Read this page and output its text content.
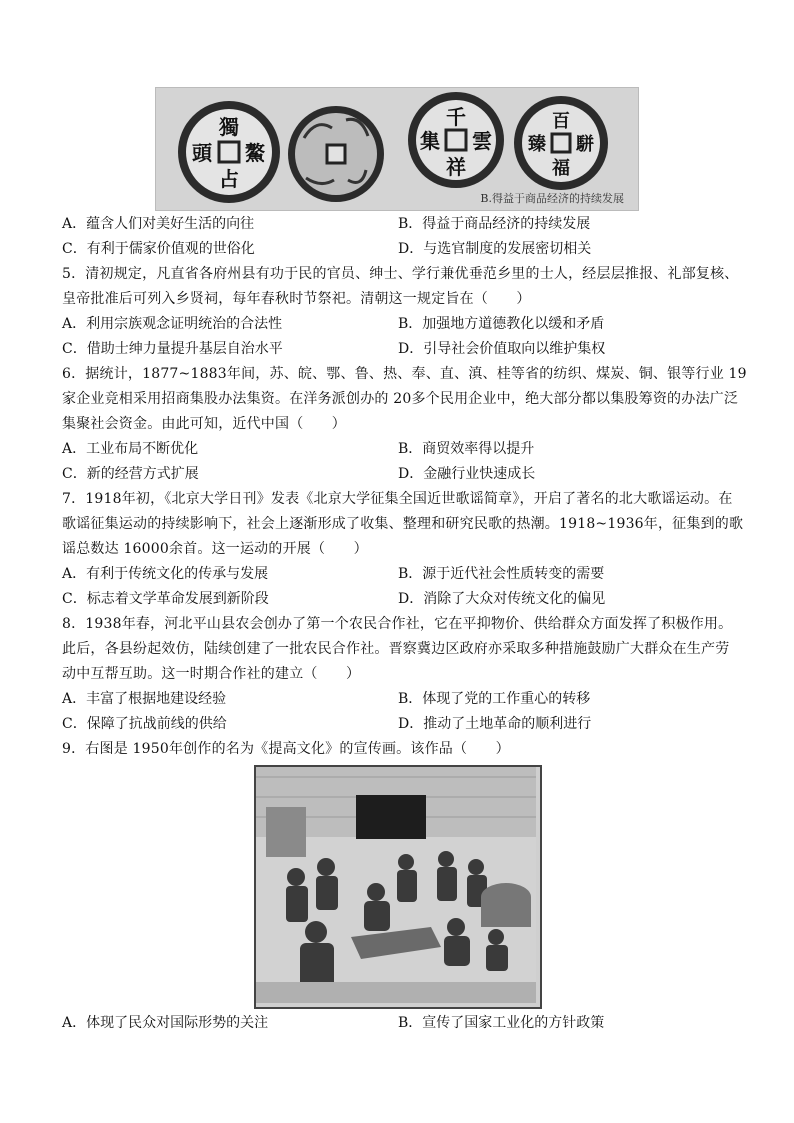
獨
鰲
占
頭
千
雲
祥
集
百
駢
福
臻
B.得益于商品经济的持续发展
A．蕴含人们对美好生活的向往	B．得益于商品经济的持续发展
C．有利于儒家价值观的世俗化	D．与选官制度的发展密切相关
5．清初规定，凡直省各府州县有功于民的官员、绅士、学行兼优垂范乡里的士人，经层层推报、礼部复核、
皇帝批准后可列入乡贤祠，每年春秋时节祭祀。清朝这一规定旨在（　　）
A．利用宗族观念证明统治的合法性	B．加强地方道德教化以缓和矛盾
C．借助士绅力量提升基层自治水平	D．引导社会价值取向以维护集权
6．据统计，1877~1883年间，苏、皖、鄂、鲁、热、奉、直、滇、桂等省的纺织、煤炭、铜、银等行业 19
家企业竞相采用招商集股办法集资。在洋务派创办的 20多个民用企业中，绝大部分都以集股筹资的办法广泛
集聚社会资金。由此可知，近代中国（　　）
A．工业布局不断优化	B．商贸效率得以提升
C．新的经营方式扩展	D．金融行业快速成长
7．1918年初，《北京大学日刊》发表《北京大学征集全国近世歌谣简章》，开启了著名的北大歌谣运动。在
歌谣征集运动的持续影响下，社会上逐渐形成了收集、整理和研究民歌的热潮。1918~1936年，征集到的歌
谣总数达 16000余首。这一运动的开展（　　）
A．有利于传统文化的传承与发展	B．源于近代社会性质转变的需要
C．标志着文学革命发展到新阶段	D．消除了大众对传统文化的偏见
8．1938年春，河北平山县农会创办了第一个农民合作社，它在平抑物价、供给群众方面发挥了积极作用。
此后，各县纷起效仿，陆续创建了一批农民合作社。晋察冀边区政府亦采取多种措施鼓励广大群众在生产劳
动中互帮互助。这一时期合作社的建立（　　）
A．丰富了根据地建设经验	B．体现了党的工作重心的转移
C．保障了抗战前线的供给	D．推动了土地革命的顺利进行
9．右图是 1950年创作的名为《提高文化》的宣传画。该作品（　　）
A．体现了民众对国际形势的关注	B．宣传了国家工业化的方针政策
